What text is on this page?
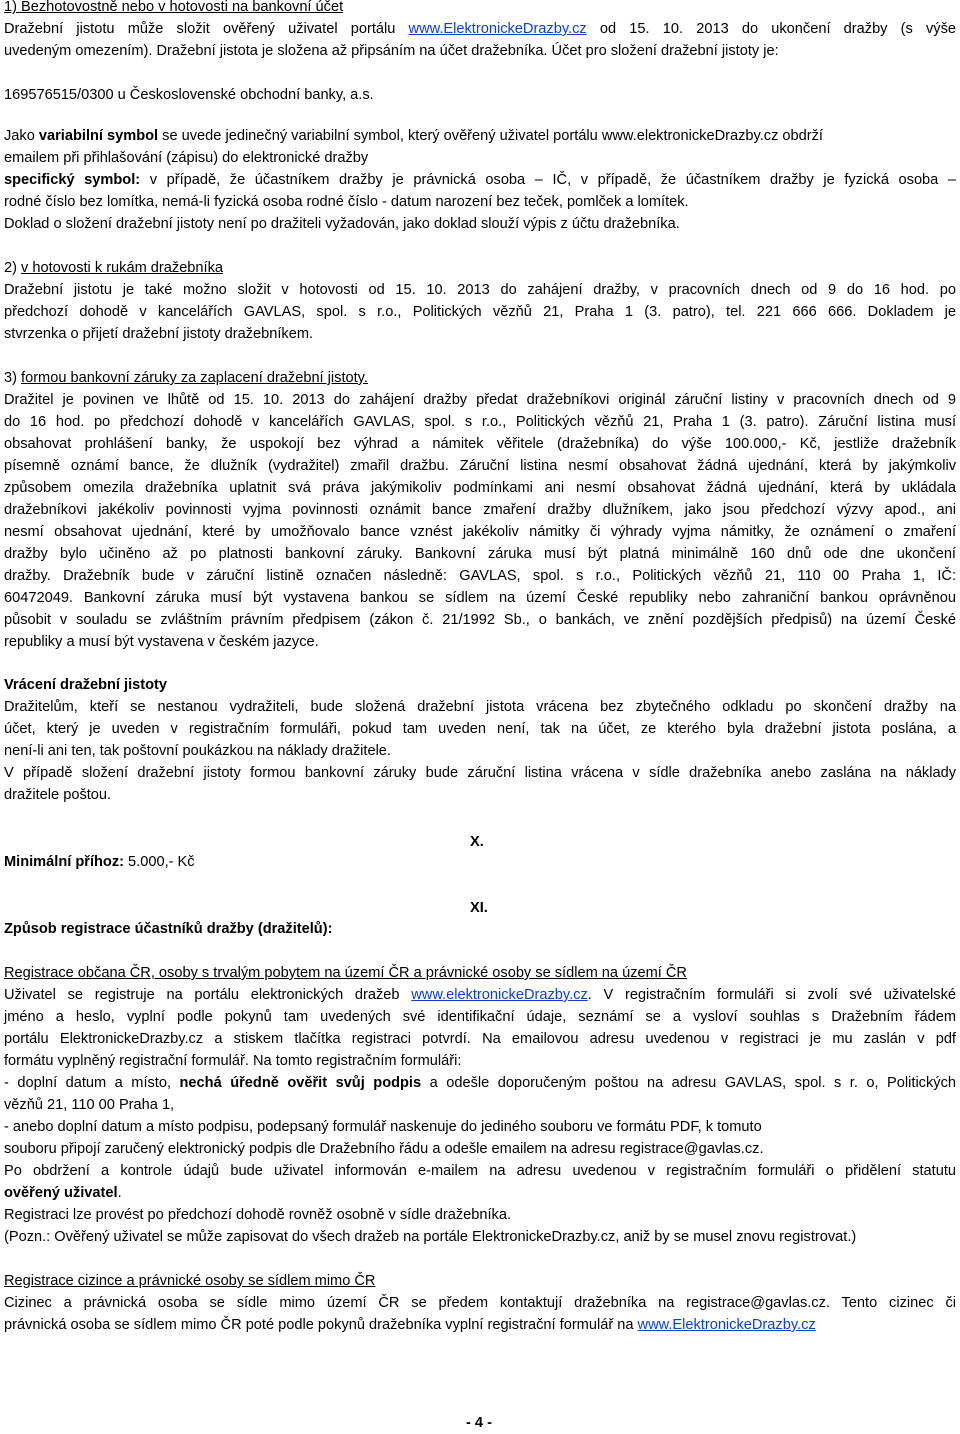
1) Bezhotovostně nebo v hotovosti na bankovní účet
Dražební jistotu může složit ověřený uživatel portálu www.ElektronickeDrazby.cz od 15. 10. 2013 do ukončení dražby (s výše
uvedeným omezením). Dražební jistota je složena až připsáním na účet dražebníka. Účet pro složení dražební jistoty je:
169576515/0300 u Československé obchodní banky, a.s.
Jako variabilní symbol se uvede jedinečný variabilní symbol, který ověřený uživatel portálu www.elektronickeDrazby.cz obdrží
emailem při přihlašování (zápisu) do elektronické dražby
specifický symbol: v případě, že účastníkem dražby je právnická osoba – IČ, v případě, že účastníkem dražby je fyzická osoba –
rodné číslo bez lomítka, nemá-li fyzická osoba rodné číslo - datum narození bez teček, pomlček a lomítek.
Doklad o složení dražební jistoty není po dražiteli vyžadován, jako doklad slouží výpis z účtu dražebníka.
2) v hotovosti k rukám dražebníka
Dražební jistotu je také možno složit v hotovosti od 15. 10. 2013 do zahájení dražby, v pracovních dnech od 9 do 16 hod. po
předchozí dohodě v kancelářích GAVLAS, spol. s r.o., Politických vězňů 21, Praha 1 (3. patro), tel. 221 666 666. Dokladem je
stvrzenka o přijetí dražební jistoty dražebníkem.
3) formou bankovní záruky za zaplacení dražební jistoty.
Dražitel je povinen ve lhůtě od 15. 10. 2013 do zahájení dražby předat dražebníkovi originál záruční listiny v pracovních dnech od 9
do 16 hod. po předchozí dohodě v kancelářích GAVLAS, spol. s r.o., Politických vězňů 21, Praha 1 (3. patro). Záruční listina musí
obsahovat prohlášení banky, že uspokojí bez výhrad a námitek věřitele (dražebníka) do výše 100.000,- Kč, jestliže dražebník
písemně oznámí bance, že dlužník (vydražitel) zmařil dražbu. Záruční listina nesmí obsahovat žádná ujednání, která by jakýmkoliv
způsobem omezila dražebníka uplatnit svá práva jakýmikoliv podmínkami ani nesmí obsahovat žádná ujednání, která by ukládala
dražebníkovi jakékoliv povinnosti vyjma povinnosti oznámit bance zmaření dražby dlužníkem, jako jsou předchozí výzvy apod., ani
nesmí obsahovat ujednání, které by umožňovalo bance vznést jakékoliv námitky či výhrady vyjma námitky, že oznámení o zmaření
dražby bylo učiněno až po platnosti bankovní záruky. Bankovní záruka musí být platná minimálně 160 dnů ode dne ukončení
dražby. Dražebník bude v záruční listině označen následně: GAVLAS, spol. s r.o., Politických vězňů 21, 110 00 Praha 1, IČ:
60472049. Bankovní záruka musí být vystavena bankou se sídlem na území České republiky nebo zahraniční bankou oprávněnou
působit v souladu se zvláštním právním předpisem (zákon č. 21/1992 Sb., o bankách, ve znění pozdějších předpisů) na území České
republiky a musí být vystavena v českém jazyce.
Vrácení dražební jistoty
Dražitelům, kteří se nestanou vydražiteli, bude složená dražební jistota vrácena bez zbytečného odkladu po skončení dražby na
účet, který je uveden v registračním formuláři, pokud tam uveden není, tak na účet, ze kterého byla dražební jistota poslána, a
není-li ani ten, tak poštovní poukázkou na náklady dražitele.
V případě složení dražební jistoty formou bankovní záruky bude záruční listina vrácena v sídle dražebníka anebo zaslána na náklady
dražitele poštou.
X.
Minimální příhoz: 5.000,- Kč
XI.
Způsob registrace účastníků dražby (dražitelů):
Registrace občana ČR, osoby s trvalým pobytem na území ČR a právnické osoby se sídlem na území ČR
Uživatel se registruje na portálu elektronických dražeb www.elektronickeDrazby.cz. V registračním formuláři si zvolí své uživatelské
jméno a heslo, vyplní podle pokynů tam uvedených své identifikační údaje, seznámí se a vysloví souhlas s Dražebním řádem
portálu ElektronickeDrazby.cz a stiskem tlačítka registraci potvrdí. Na emailovou adresu uvedenou v registraci je mu zaslán v pdf
formátu vyplněný registrační formulář. Na tomto registračním formuláři:
- doplní datum a místo, nechá úředně ověřit svůj podpis a odešle doporučeným poštou na adresu GAVLAS, spol. s r. o, Politických
vězňů 21, 110 00 Praha 1,
- anebo doplní datum a místo podpisu, podepsaný formulář naskenuje do jediného souboru ve formátu PDF, k tomuto
souboru připojí zaručený elektronický podpis dle Dražebního řádu a odešle emailem na adresu registrace@gavlas.cz.
Po obdržení a kontrole údajů bude uživatel informován e-mailem na adresu uvedenou v registračním formuláři o přidělení statutu
ověřený uživatel.
Registraci lze provést po předchozí dohodě rovněž osobně v sídle dražebníka.
(Pozn.: Ověřený uživatel se může zapisovat do všech dražeb na portále ElektronickeDrazby.cz, aniž by se musel znovu registrovat.)
Registrace cizince a právnické osoby se sídlem mimo ČR
Cizinec a právnická osoba se sídle mimo území ČR se předem kontaktují dražebníka na registrace@gavlas.cz. Tento cizinec či
právnická osoba se sídlem mimo ČR poté podle pokynů dražebníka vyplní registrační formulář na www.ElektronickeDrazby.cz
- 4 -
